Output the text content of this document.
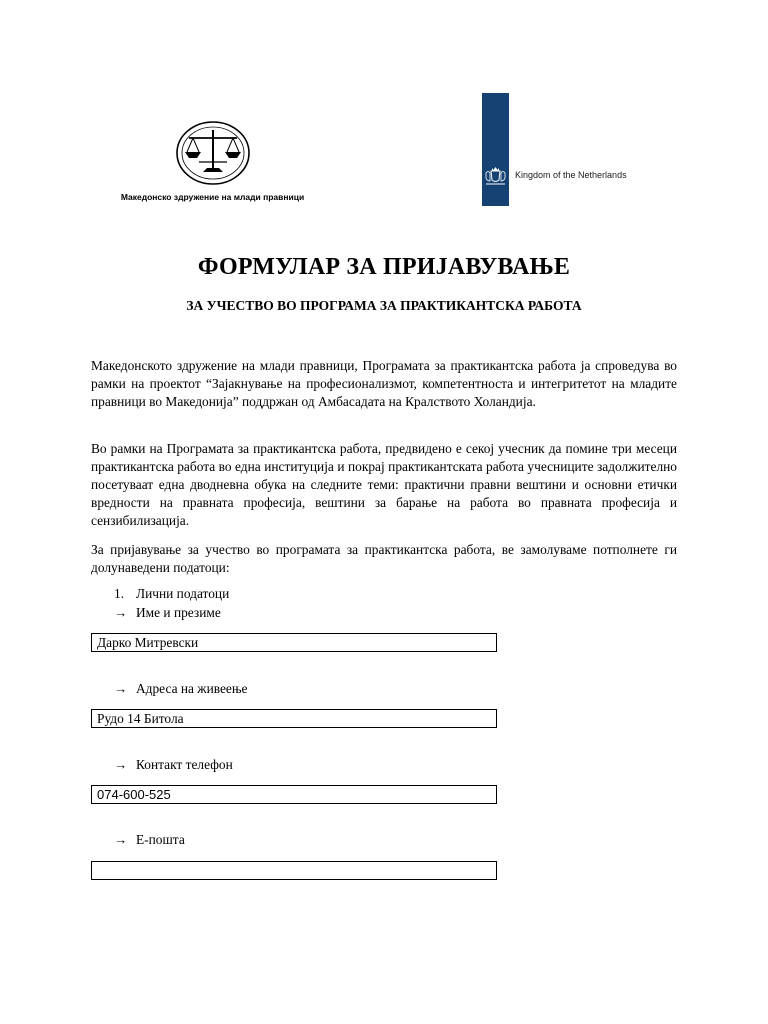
Македонско здружение на млади правници
Kingdom of the Netherlands
ФОРМУЛАР ЗА ПРИЈАВУВАЊЕ
ЗА УЧЕСТВО ВО ПРОГРАМА ЗА ПРАКТИКАНТСКА РАБОТА

Македонското здружение на млади правници, Програмата за практикантска работа ја спроведува во рамки на проектот “Зајакнување на професионализмот, компетентноста и интегритетот на младите правници во Македонија” поддржан од Амбасадата на Кралството Холандија.

Во рамки на Програмата за практикантска работа, предвидено е секој учесник да помине три месеци практикантска работа во една институција и покрај практикантската работа учесниците задолжително посетуваат една дводневна обука на следните теми: практични правни вештини и основни етички вредности на правната професија, вештини за барање на работа во правната професија и сензибилизација.

За пријавување за учество во програмата за практикантска работа, ве замолуваме потполнете ги долунаведени податоци:

1. Лични податоци
→ Име и презиме
Дарко Митревски
→ Адреса на живеење
Рудо 14 Битола
→ Контакт телефон
074-600-525
→ Е-пошта
